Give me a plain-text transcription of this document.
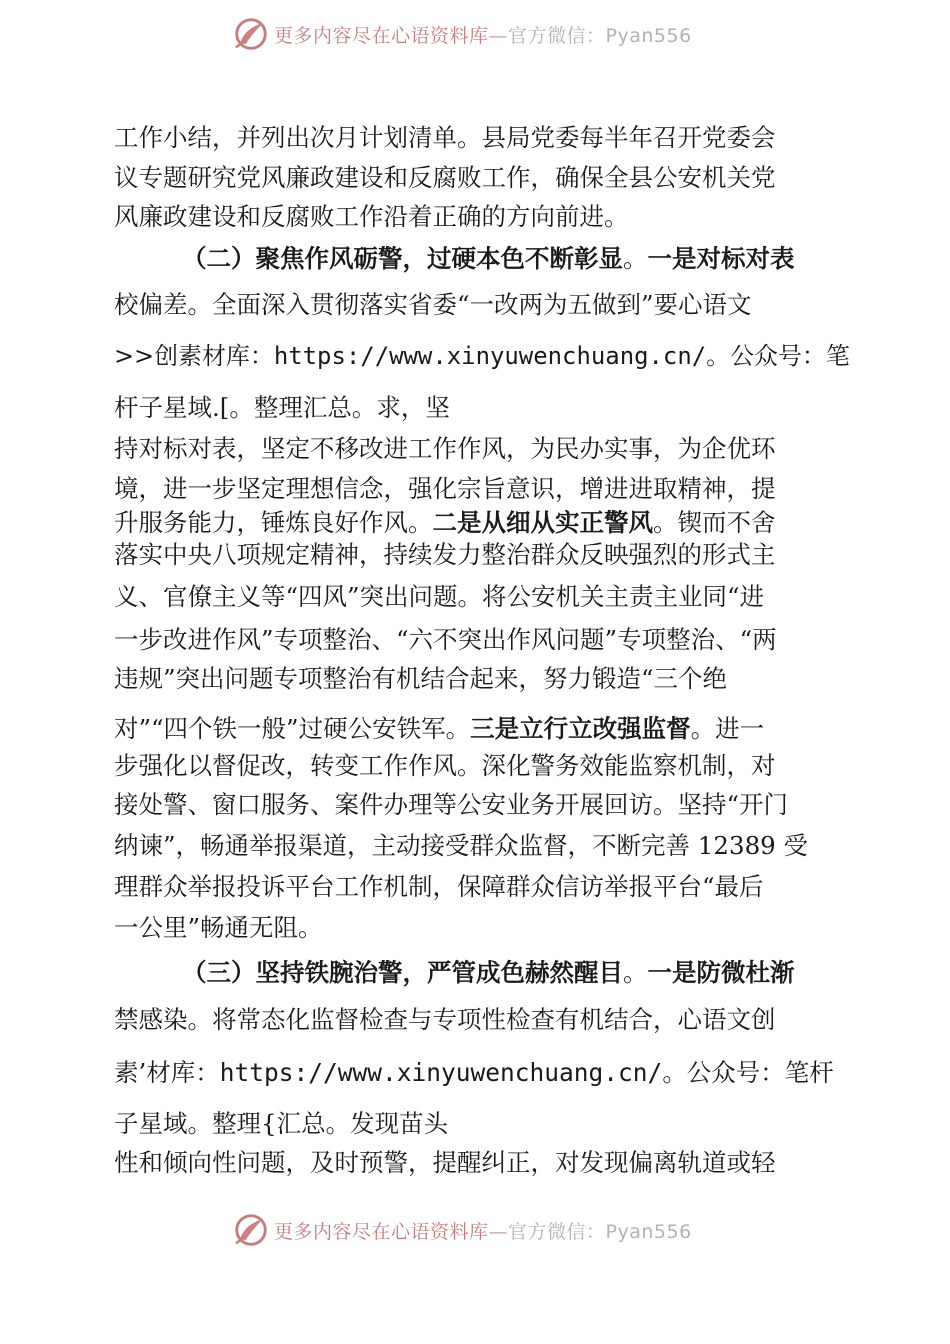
更多内容尽在心语资料库—官方微信：Pyan556
工作小结，并列出次月计划清单。县局党委每半年召开党委会
议专题研究党风廉政建设和反腐败工作，确保全县公安机关党
风廉政建设和反腐败工作沿着正确的方向前进。
（二）聚焦作风砺警，过硬本色不断彰显。一是对标对表
校偏差。全面深入贯彻落实省委“一改两为五做到”要心语文
>>创素材库：https://www.xinyuwenchuang.cn/。公众号：笔
杆子星域.[。整理汇总。求，坚
持对标对表，坚定不移改进工作作风，为民办实事，为企优环
境，进一步坚定理想信念，强化宗旨意识，增进进取精神，提
升服务能力，锤炼良好作风。二是从细从实正警风。锲而不舍
落实中央八项规定精神，持续发力整治群众反映强烈的形式主
义、官僚主义等“四风”突出问题。将公安机关主责主业同“进
一步改进作风”专项整治、“六不突出作风问题”专项整治、“两
违规”突出问题专项整治有机结合起来，努力锻造“三个绝
对”“四个铁一般”过硬公安铁军。三是立行立改强监督。进一
步强化以督促改，转变工作作风。深化警务效能监察机制，对
接处警、窗口服务、案件办理等公安业务开展回访。坚持“开门
纳谏”，畅通举报渠道，主动接受群众监督，不断完善 12389 受
理群众举报投诉平台工作机制，保障群众信访举报平台“最后
一公里”畅通无阻。
（三）坚持铁腕治警，严管成色赫然醒目。一是防微杜渐
禁感染。将常态化监督检查与专项性检查有机结合，心语文创
素’材库：https://www.xinyuwenchuang.cn/。公众号：笔杆
子星域。整理{汇总。发现苗头
性和倾向性问题，及时预警，提醒纠正，对发现偏离轨道或轻
更多内容尽在心语资料库—官方微信：Pyan556
